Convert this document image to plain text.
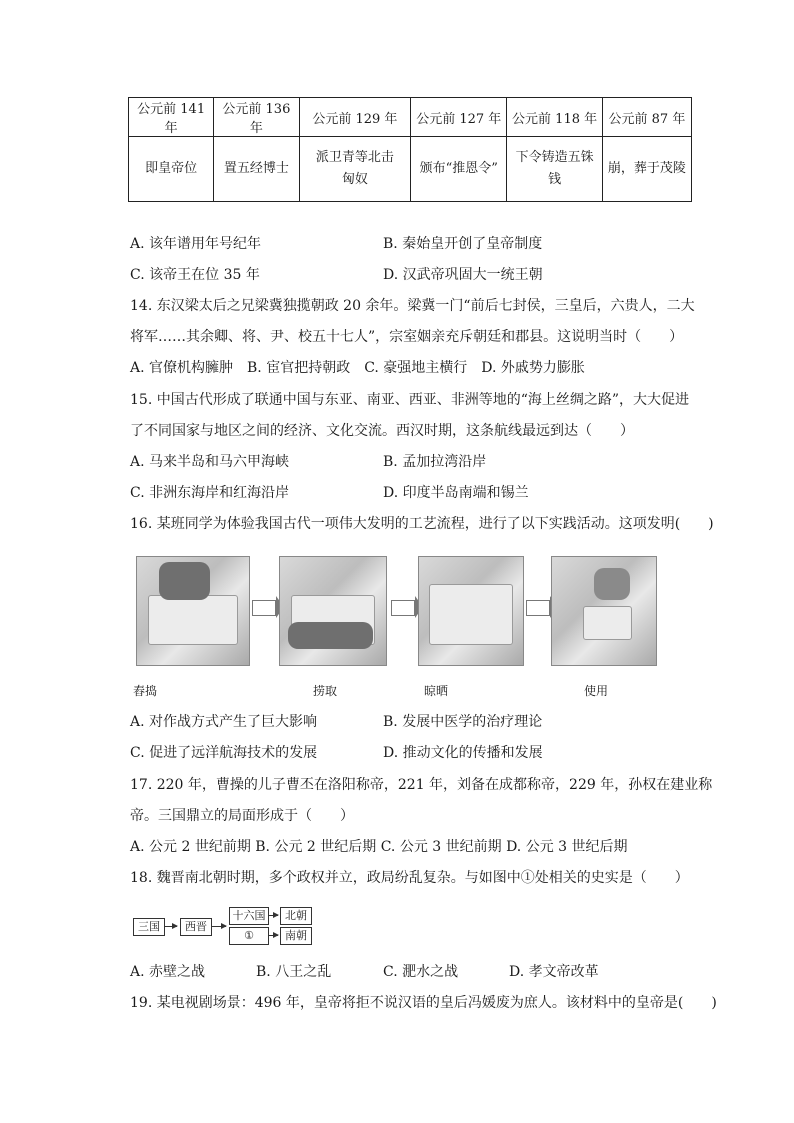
公元前 141 年	公元前 136 年	公元前 129 年	公元前 127 年	公元前 118 年	公元前 87 年
即皇帝位	置五经博士	派卫青等北击匈奴	颁布“推恩令”	下令铸造五铢钱	崩，葬于茂陵
A. 该年谱用年号纪年	B. 秦始皇开创了皇帝制度
C. 该帝王在位 35 年	D. 汉武帝巩固大一统王朝
14. 东汉梁太后之兄梁冀独揽朝政 20 余年。梁冀一门“前后七封侯，三皇后，六贵人，二大
将军……其余卿、将、尹、校五十七人”，宗室姻亲充斥朝廷和郡县。这说明当时（　　）
A. 官僚机构臃肿　B. 宦官把持朝政　C. 豪强地主横行　D. 外戚势力膨胀
15. 中国古代形成了联通中国与东亚、南亚、西亚、非洲等地的“海上丝绸之路”，大大促进
了不同国家与地区之间的经济、文化交流。西汉时期，这条航线最远到达（　　）
A. 马来半岛和马六甲海峡	B. 孟加拉湾沿岸
C. 非洲东海岸和红海沿岸	D. 印度半岛南端和锡兰
16. 某班同学为体验我国古代一项伟大发明的工艺流程，进行了以下实践活动。这项发明(　　)
舂捣	捞取	晾晒	使用
A. 对作战方式产生了巨大影响	B. 发展中医学的治疗理论
C. 促进了远洋航海技术的发展	D. 推动文化的传播和发展
17. 220 年，曹操的儿子曹丕在洛阳称帝，221 年，刘备在成都称帝，229 年，孙权在建业称
帝。三国鼎立的局面形成于（　　）
A. 公元 2 世纪前期 B. 公元 2 世纪后期 C. 公元 3 世纪前期 D. 公元 3 世纪后期
18. 魏晋南北朝时期，多个政权并立，政局纷乱复杂。与如图中①处相关的史实是（　　）
三国	西晋
十六国
①
北朝
南朝
A. 赤壁之战	B. 八王之乱	C. 淝水之战	D. 孝文帝改革
19. 某电视剧场景：496 年，皇帝将拒不说汉语的皇后冯媛废为庶人。该材料中的皇帝是(　　)
